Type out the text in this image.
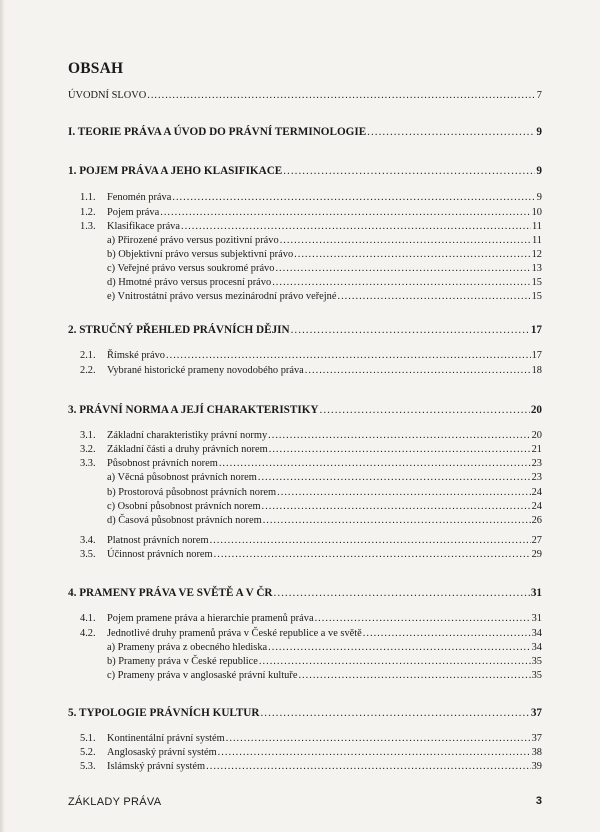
OBSAH
ÚVODNÍ SLOVO .....	7
I. TEORIE PRÁVA A ÚVOD DO PRÁVNÍ TERMINOLOGIE .....	9
1. POJEM PRÁVA A JEHO KLASIFIKACE .....	9
1.1.	Fenomén práva .....	9
1.2.	Pojem práva .....	10
1.3.	Klasifikace práva .....	11
a) Přirozené právo versus pozitivní právo .....	11
b) Objektivní právo versus subjektivní právo .....	12
c) Veřejné právo versus soukromé právo .....	13
d) Hmotné právo versus procesní právo .....	15
e) Vnitrostátní právo versus mezinárodní právo veřejné .....	15
2. STRUČNÝ PŘEHLED PRÁVNÍCH DĚJIN .....	17
2.1.	Římské právo .....	17
2.2.	Vybrané historické prameny novodobého práva .....	18
3. PRÁVNÍ NORMA A JEJÍ CHARAKTERISTIKY .....	20
3.1.	Základní charakteristiky právní normy .....	20
3.2.	Základní části a druhy právních norem .....	21
3.3.	Působnost právních norem .....	23
a) Věcná působnost právních norem .....	23
b) Prostorová působnost právních norem .....	24
c) Osobní působnost právních norem .....	24
d) Časová působnost právních norem .....	26
3.4.	Platnost právních norem .....	27
3.5.	Účinnost právních norem .....	29
4. PRAMENY PRÁVA VE SVĚTĚ A V ČR .....	31
4.1.	Pojem pramene práva a hierarchie pramenů práva .....	31
4.2.	Jednotlivé druhy pramenů práva v České republice a ve světě .....	34
a) Prameny práva z obecného hlediska .....	34
b) Prameny práva v České republice .....	35
c) Prameny práva v anglosaské právní kultuře .....	35
5. TYPOLOGIE PRÁVNÍCH KULTUR .....	37
5.1.	Kontinentální právní systém .....	37
5.2.	Anglosaský právní systém .....	38
5.3.	Islámský právní systém .....	39
ZÁKLADY PRÁVA	3
